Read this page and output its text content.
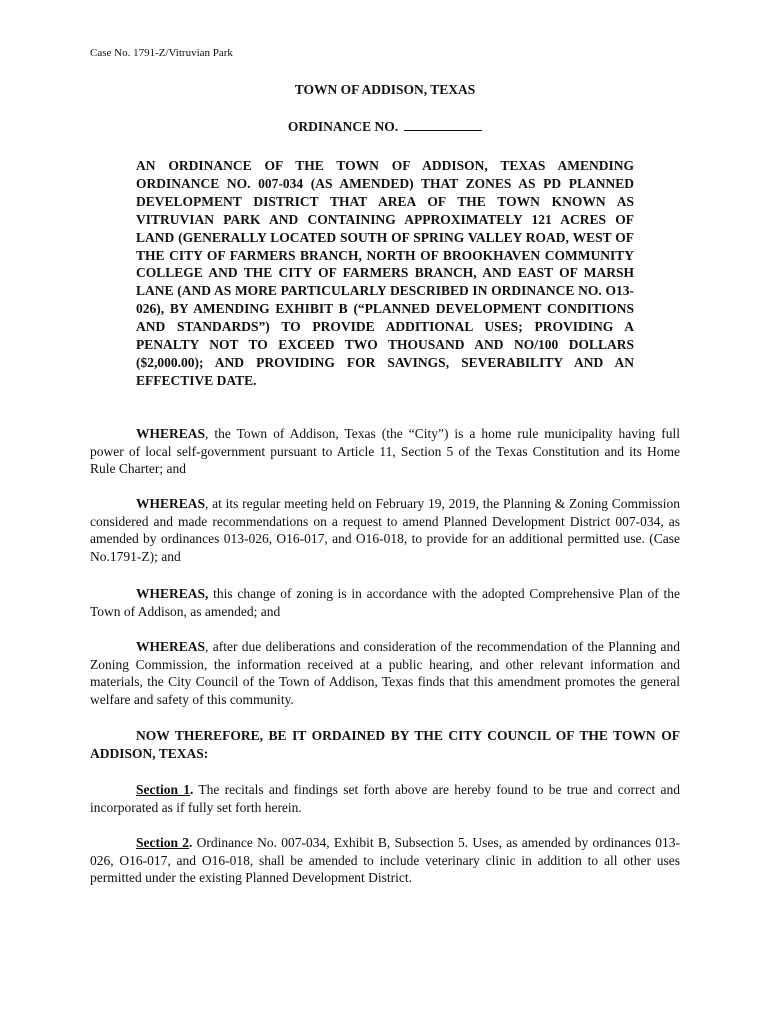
Case No. 1791-Z/Vitruvian Park
TOWN OF ADDISON, TEXAS
ORDINANCE NO.
AN ORDINANCE OF THE TOWN OF ADDISON, TEXAS AMENDING ORDINANCE NO. 007-034 (AS AMENDED) THAT ZONES AS PD PLANNED DEVELOPMENT DISTRICT THAT AREA OF THE TOWN KNOWN AS VITRUVIAN PARK AND CONTAINING APPROXIMATELY 121 ACRES OF LAND (GENERALLY LOCATED SOUTH OF SPRING VALLEY ROAD, WEST OF THE CITY OF FARMERS BRANCH, NORTH OF BROOKHAVEN COMMUNITY COLLEGE AND THE CITY OF FARMERS BRANCH, AND EAST OF MARSH LANE (AND AS MORE PARTICULARLY DESCRIBED IN ORDINANCE NO. O13-026), BY AMENDING EXHIBIT B (“PLANNED DEVELOPMENT CONDITIONS AND STANDARDS”) TO PROVIDE ADDITIONAL USES; PROVIDING A PENALTY NOT TO EXCEED TWO THOUSAND AND NO/100 DOLLARS ($2,000.00); AND PROVIDING FOR SAVINGS, SEVERABILITY AND AN EFFECTIVE DATE.

WHEREAS, the Town of Addison, Texas (the “City”) is a home rule municipality having full power of local self-government pursuant to Article 11, Section 5 of the Texas Constitution and its Home Rule Charter; and

WHEREAS, at its regular meeting held on February 19, 2019, the Planning & Zoning Commission considered and made recommendations on a request to amend Planned Development District 007-034, as amended by ordinances 013-026, O16-017, and O16-018, to provide for an additional permitted use. (Case No.1791-Z); and

WHEREAS, this change of zoning is in accordance with the adopted Comprehensive Plan of the Town of Addison, as amended; and

WHEREAS, after due deliberations and consideration of the recommendation of the Planning and Zoning Commission, the information received at a public hearing, and other relevant information and materials, the City Council of the Town of Addison, Texas finds that this amendment promotes the general welfare and safety of this community.

NOW THEREFORE, BE IT ORDAINED BY THE CITY COUNCIL OF THE TOWN OF ADDISON, TEXAS:

Section 1. The recitals and findings set forth above are hereby found to be true and correct and incorporated as if fully set forth herein.

Section 2. Ordinance No. 007-034, Exhibit B, Subsection 5. Uses, as amended by ordinances 013-026, O16-017, and O16-018, shall be amended to include veterinary clinic in addition to all other uses permitted under the existing Planned Development District.
